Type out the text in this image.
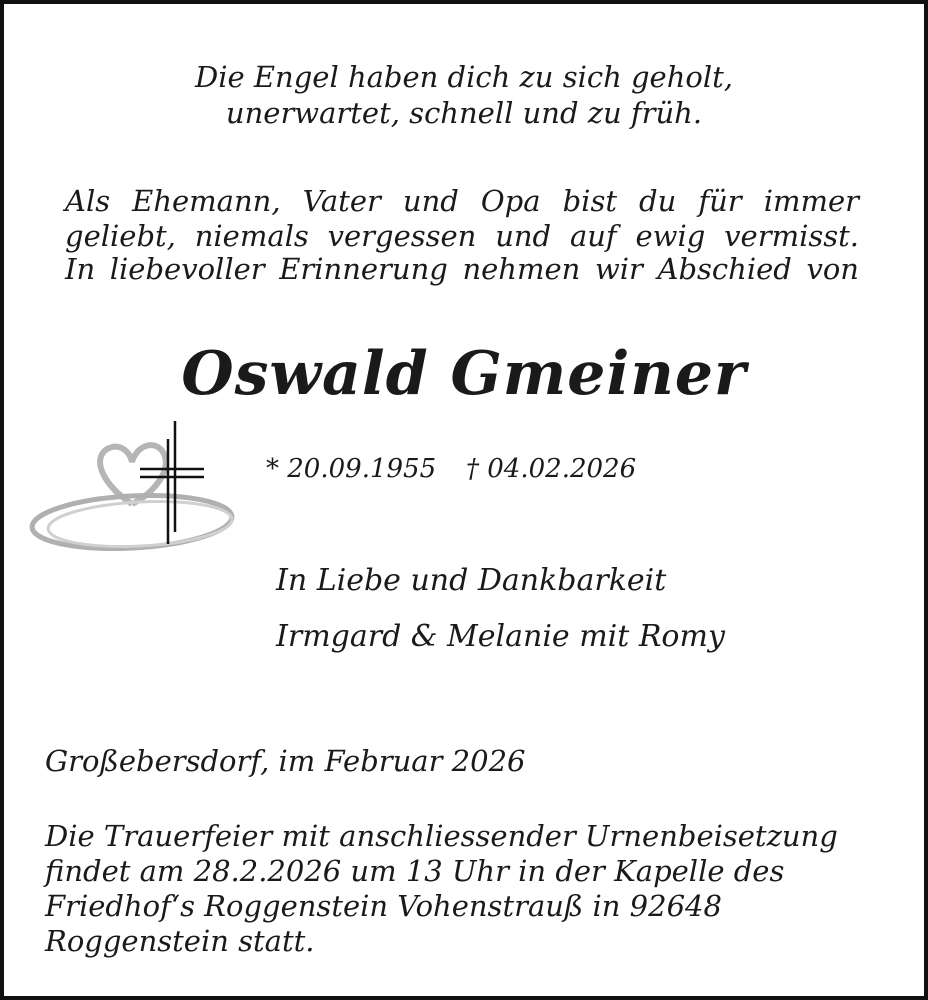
Die Engel haben dich zu sich geholt,
unerwartet, schnell und zu früh.
Als Ehemann, Vater und Opa bist du für immer
geliebt, niemals vergessen und auf ewig vermisst.
In liebevoller Erinnerung nehmen wir Abschied von
Oswald Gmeiner
* 20.09.1955 † 04.02.2026
In Liebe und Dankbarkeit
Irmgard & Melanie mit Romy
Großebersdorf, im Februar 2026
Die Trauerfeier mit anschliessender Urnenbeisetzung
findet am 28.2.2026 um 13 Uhr in der Kapelle des
Friedhof‘s Roggenstein Vohenstrauß in 92648
Roggenstein statt.
